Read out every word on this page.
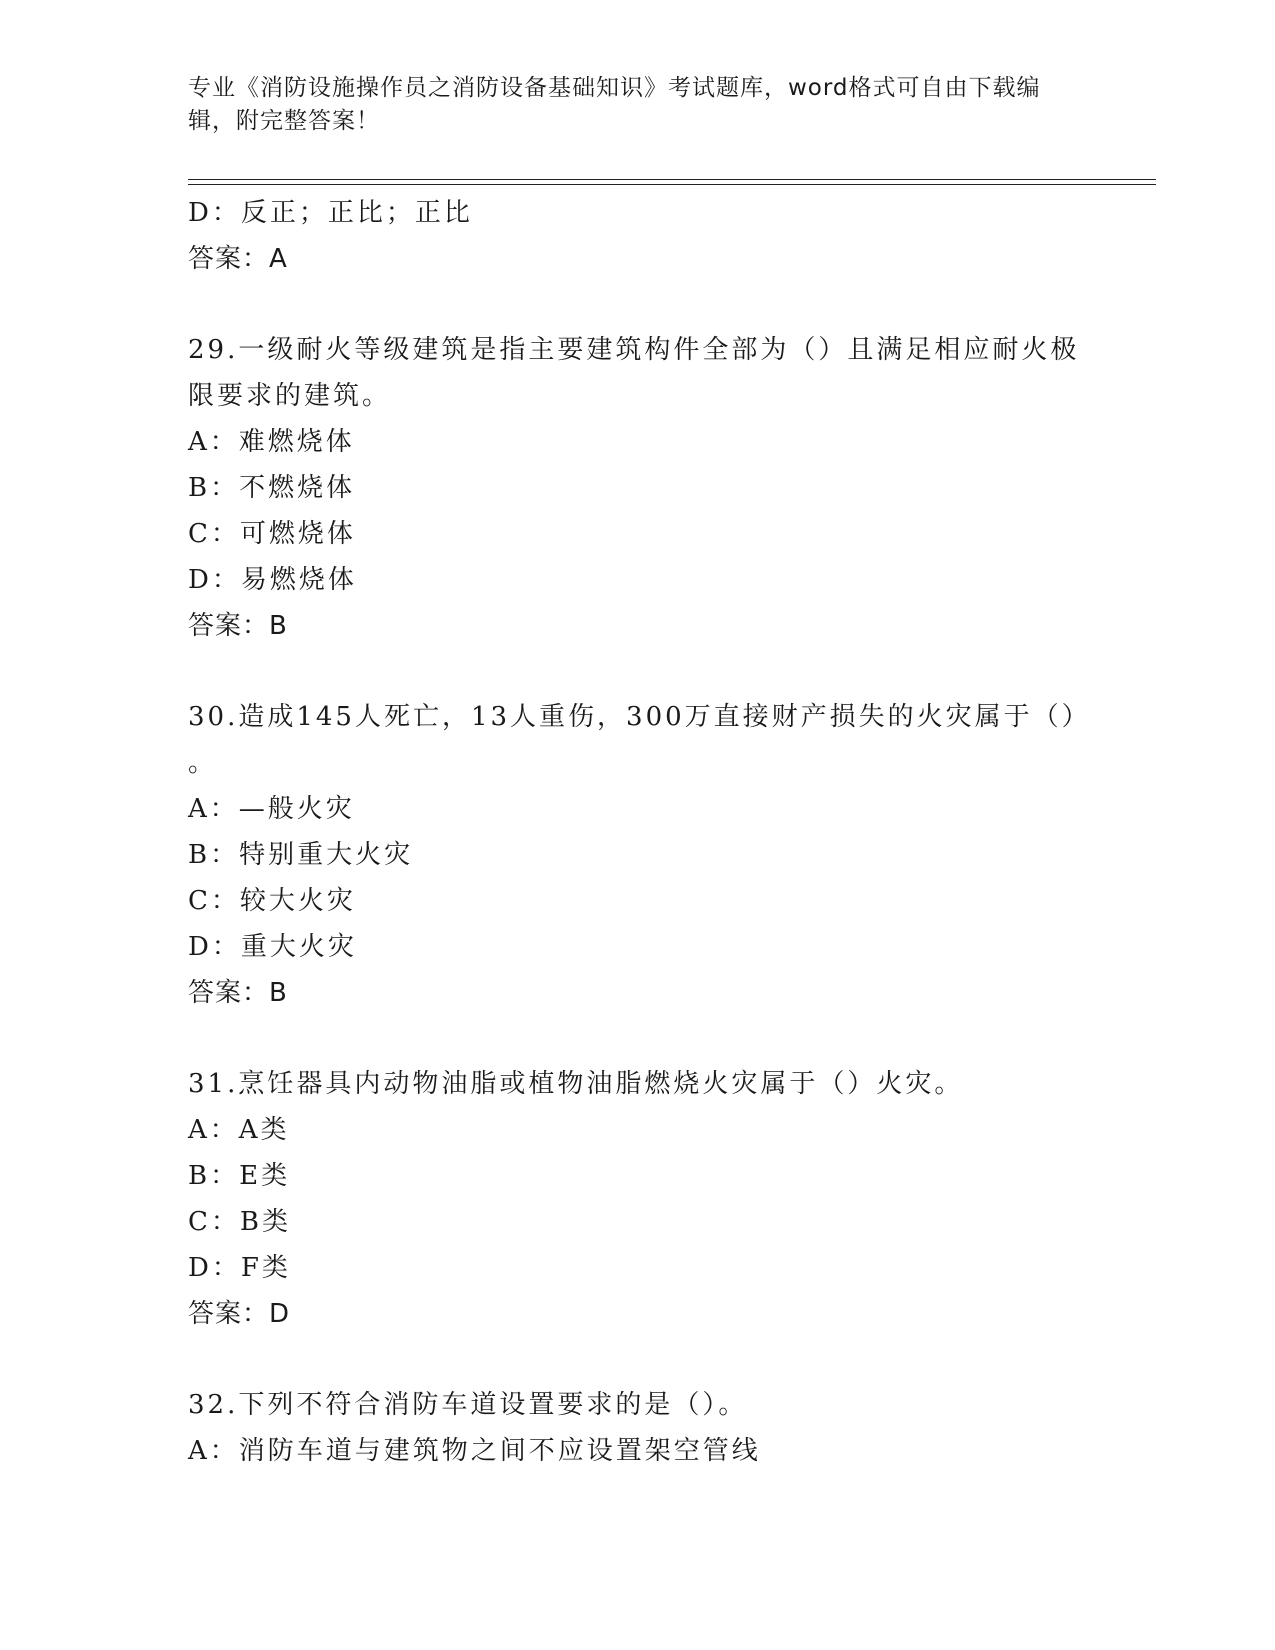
专业《消防设施操作员之消防设备基础知识》考试题库，word格式可自由下载编
辑，附完整答案！
D：反正；正比；正比
答案：A
29.一级耐火等级建筑是指主要建筑构件全部为（）且满足相应耐火极
限要求的建筑。
A：难燃烧体
B：不燃烧体
C：可燃烧体
D：易燃烧体
答案：B
30.造成145人死亡，13人重伤，300万直接财产损失的火灾属于（）
。
A：—般火灾
B：特别重大火灾
C：较大火灾
D：重大火灾
答案：B
31.烹饪器具内动物油脂或植物油脂燃烧火灾属于（）火灾。
A：A类
B：E类
C：B类
D：F类
答案：D
32.下列不符合消防车道设置要求的是（）。
A：消防车道与建筑物之间不应设置架空管线
